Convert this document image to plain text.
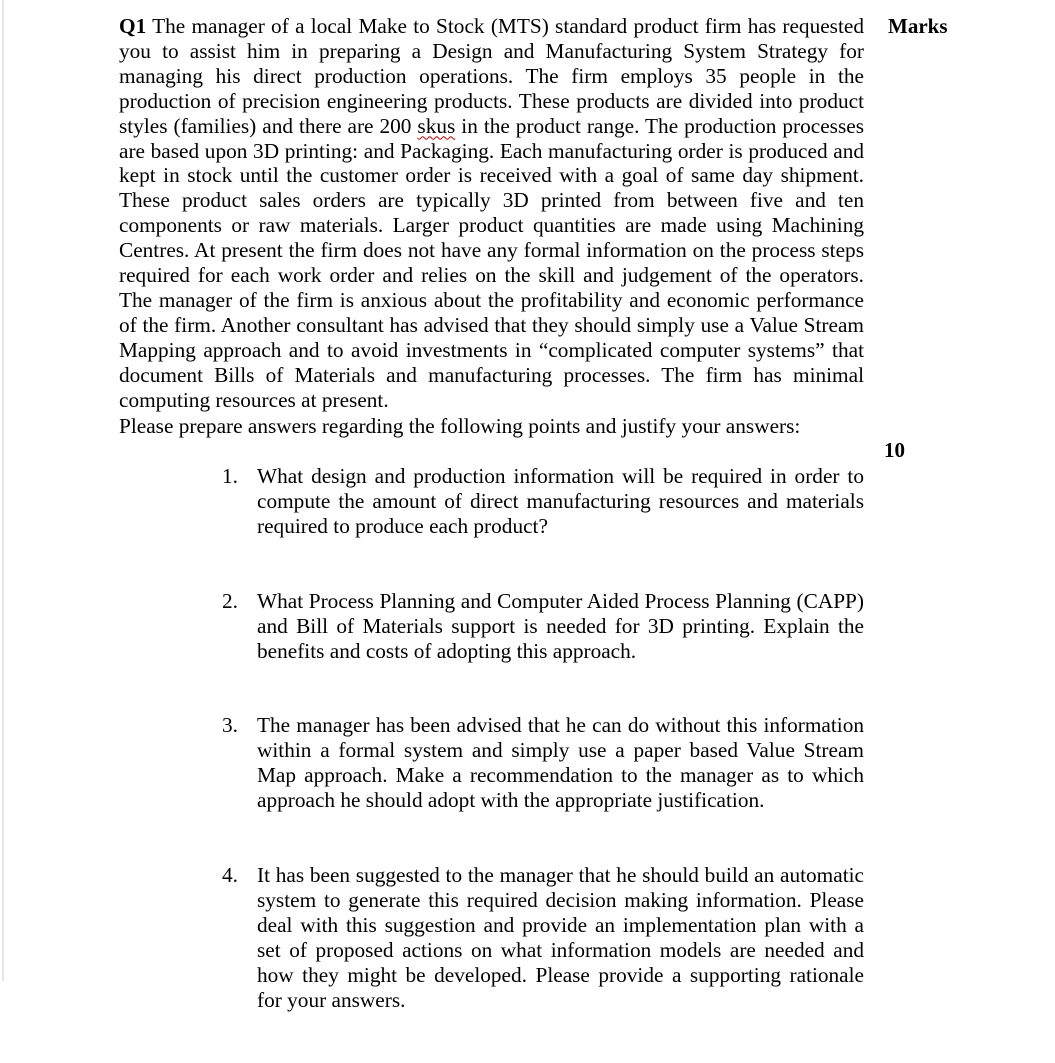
Marks
10

Q1 The manager of a local Make to Stock (MTS) standard product firm has requested you to assist him in preparing a Design and Manufacturing System Strategy for managing his direct production operations. The firm employs 35 people in the production of precision engineering products. These products are divided into product styles (families) and there are 200 skus in the product range. The production processes are based upon 3D printing: and Packaging. Each manufacturing order is produced and kept in stock until the customer order is received with a goal of same day shipment. These product sales orders are typically 3D printed from between five and ten components or raw materials. Larger product quantities are made using Machining Centres. At present the firm does not have any formal information on the process steps required for each work order and relies on the skill and judgement of the operators. The manager of the firm is anxious about the profitability and economic performance of the firm. Another consultant has advised that they should simply use a Value Stream Mapping approach and to avoid investments in “complicated computer systems” that document Bills of Materials and manufacturing processes. The firm has minimal computing resources at present.

Please prepare answers regarding the following points and justify your answers:

1. What design and production information will be required in order to compute the amount of direct manufacturing resources and materials required to produce each product?
2. What Process Planning and Computer Aided Process Planning (CAPP) and Bill of Materials support is needed for 3D printing. Explain the benefits and costs of adopting this approach.
3. The manager has been advised that he can do without this information within a formal system and simply use a paper based Value Stream Map approach. Make a recommendation to the manager as to which approach he should adopt with the appropriate justification.
4. It has been suggested to the manager that he should build an automatic system to generate this required decision making information. Please deal with this suggestion and provide an implementation plan with a set of proposed actions on what information models are needed and how they might be developed. Please provide a supporting rationale for your answers.
